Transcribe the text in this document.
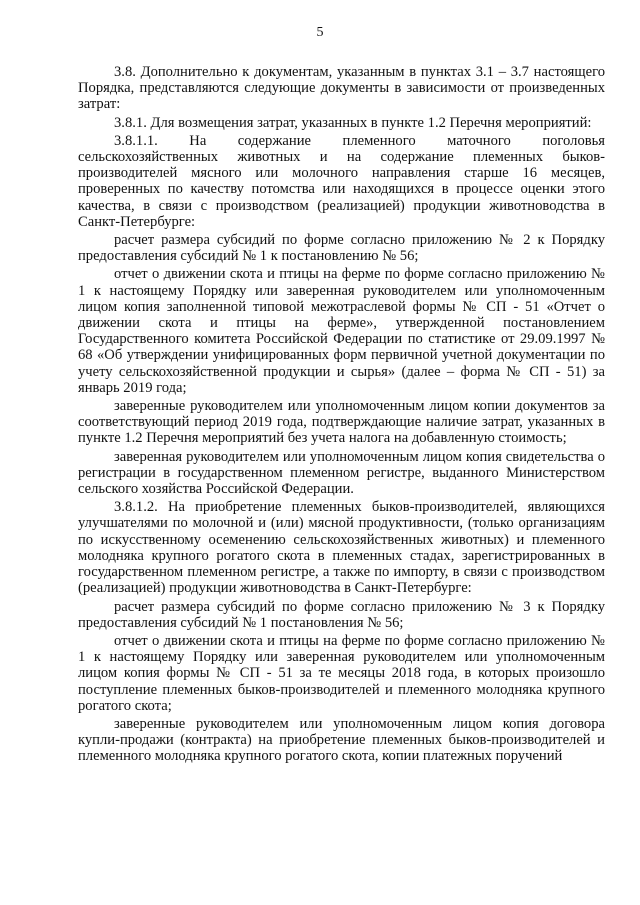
5

3.8. Дополнительно к документам, указанным в пунктах 3.1 – 3.7 настоящего Порядка, представляются следующие документы в зависимости от произведенных затрат:

3.8.1. Для возмещения затрат, указанных в пункте 1.2 Перечня мероприятий:

3.8.1.1. На содержание племенного маточного поголовья сельскохозяйственных животных и на содержание племенных быков-производителей мясного или молочного направления старше 16 месяцев, проверенных по качеству потомства или находящихся в процессе оценки этого качества, в связи с производством (реализацией) продукции животноводства в Санкт-Петербурге:

расчет размера субсидий по форме согласно приложению № 2 к Порядку предоставления субсидий № 1 к постановлению № 56;

отчет о движении скота и птицы на ферме по форме согласно приложению № 1 к настоящему Порядку или заверенная руководителем или уполномоченным лицом копия заполненной типовой межотраслевой формы № СП - 51 «Отчет о движении скота и птицы на ферме», утвержденной постановлением Государственного комитета Российской Федерации по статистике от 29.09.1997 № 68 «Об утверждении унифицированных форм первичной учетной документации по учету сельскохозяйственной продукции и сырья» (далее – форма № СП - 51) за январь 2019 года;

заверенные руководителем или уполномоченным лицом копии документов за соответствующий период 2019 года, подтверждающие наличие затрат, указанных в пункте 1.2 Перечня мероприятий без учета налога на добавленную стоимость;

заверенная руководителем или уполномоченным лицом копия свидетельства о регистрации в государственном племенном регистре, выданного Министерством сельского хозяйства Российской Федерации.

3.8.1.2. На приобретение племенных быков-производителей, являющихся улучшателями по молочной и (или) мясной продуктивности, (только организациям по искусственному осеменению сельскохозяйственных животных) и племенного молодняка крупного рогатого скота в племенных стадах, зарегистрированных в государственном племенном регистре, а также по импорту, в связи с производством (реализацией) продукции животноводства в Санкт-Петербурге:

расчет размера субсидий по форме согласно приложению № 3 к Порядку предоставления субсидий № 1 постановления № 56;

отчет о движении скота и птицы на ферме по форме согласно приложению № 1 к настоящему Порядку или заверенная руководителем или уполномоченным лицом копия формы № СП - 51 за те месяцы 2018 года, в которых произошло поступление племенных быков-производителей и племенного молодняка крупного рогатого скота;

заверенные руководителем или уполномоченным лицом копия договора купли-продажи (контракта) на приобретение племенных быков-производителей и племенного молодняка крупного рогатого скота, копии платежных поручений
